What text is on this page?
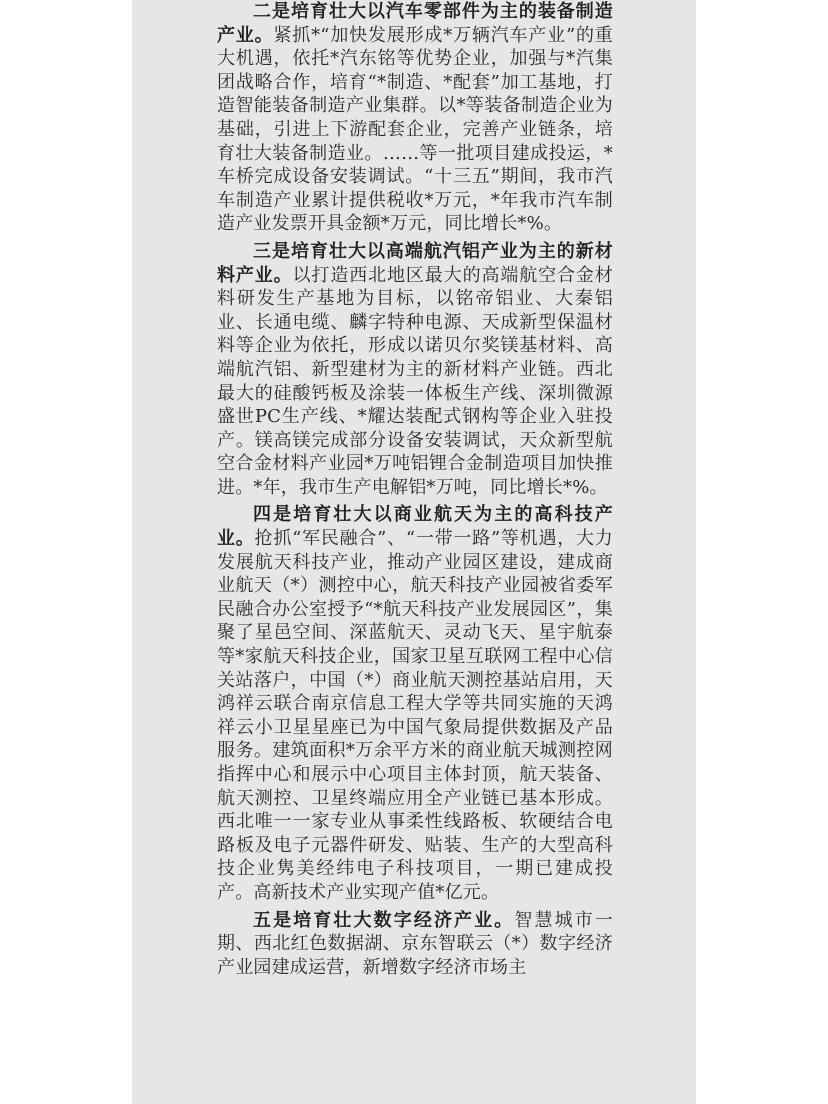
二是培育壮大以汽车零部件为主的装备制造产业。紧抓*“加快发展形成*万辆汽车产业”的重大机遇，依托*汽东铭等优势企业，加强与*汽集团战略合作，培育“*制造、*配套”加工基地，打造智能装备制造产业集群。以*等装备制造企业为基础，引进上下游配套企业，完善产业链条，培育壮大装备制造业。……等一批项目建成投运，*车桥完成设备安装调试。“十三五”期间，我市汽车制造产业累计提供税收*万元，*年我市汽车制造产业发票开具金额*万元，同比增长*%。

三是培育壮大以高端航汽铝产业为主的新材料产业。以打造西北地区最大的高端航空合金材料研发生产基地为目标，以铭帝铝业、大秦铝业、长通电缆、麟字特种电源、天成新型保温材料等企业为依托，形成以诺贝尔奖镁基材料、高端航汽铝、新型建材为主的新材料产业链。西北最大的硅酸钙板及涂装一体板生产线、深圳微源盛世PC生产线、*耀达装配式钢构等企业入驻投产。镁高镁完成部分设备安装调试，天众新型航空合金材料产业园*万吨铝锂合金制造项目加快推进。*年，我市生产电解铝*万吨，同比增长*%。

四是培育壮大以商业航天为主的高科技产业。抢抓“军民融合”、“一带一路”等机遇，大力发展航天科技产业，推动产业园区建设，建成商业航天（*）测控中心，航天科技产业园被省委军民融合办公室授予“*航天科技产业发展园区”，集聚了星邑空间、深蓝航天、灵动飞天、星宇航泰等*家航天科技企业，国家卫星互联网工程中心信关站落户，中国（*）商业航天测控基站启用，天鸿祥云联合南京信息工程大学等共同实施的天鸿祥云小卫星星座已为中国气象局提供数据及产品服务。建筑面积*万余平方米的商业航天城测控网指挥中心和展示中心项目主体封顶，航天装备、航天测控、卫星终端应用全产业链已基本形成。西北唯一一家专业从事柔性线路板、软硬结合电路板及电子元器件研发、贴装、生产的大型高科技企业隽美经纬电子科技项目，一期已建成投产。高新技术产业实现产值*亿元。

五是培育壮大数字经济产业。智慧城市一期、西北红色数据湖、京东智联云（*）数字经济产业园建成运营，新增数字经济市场主
